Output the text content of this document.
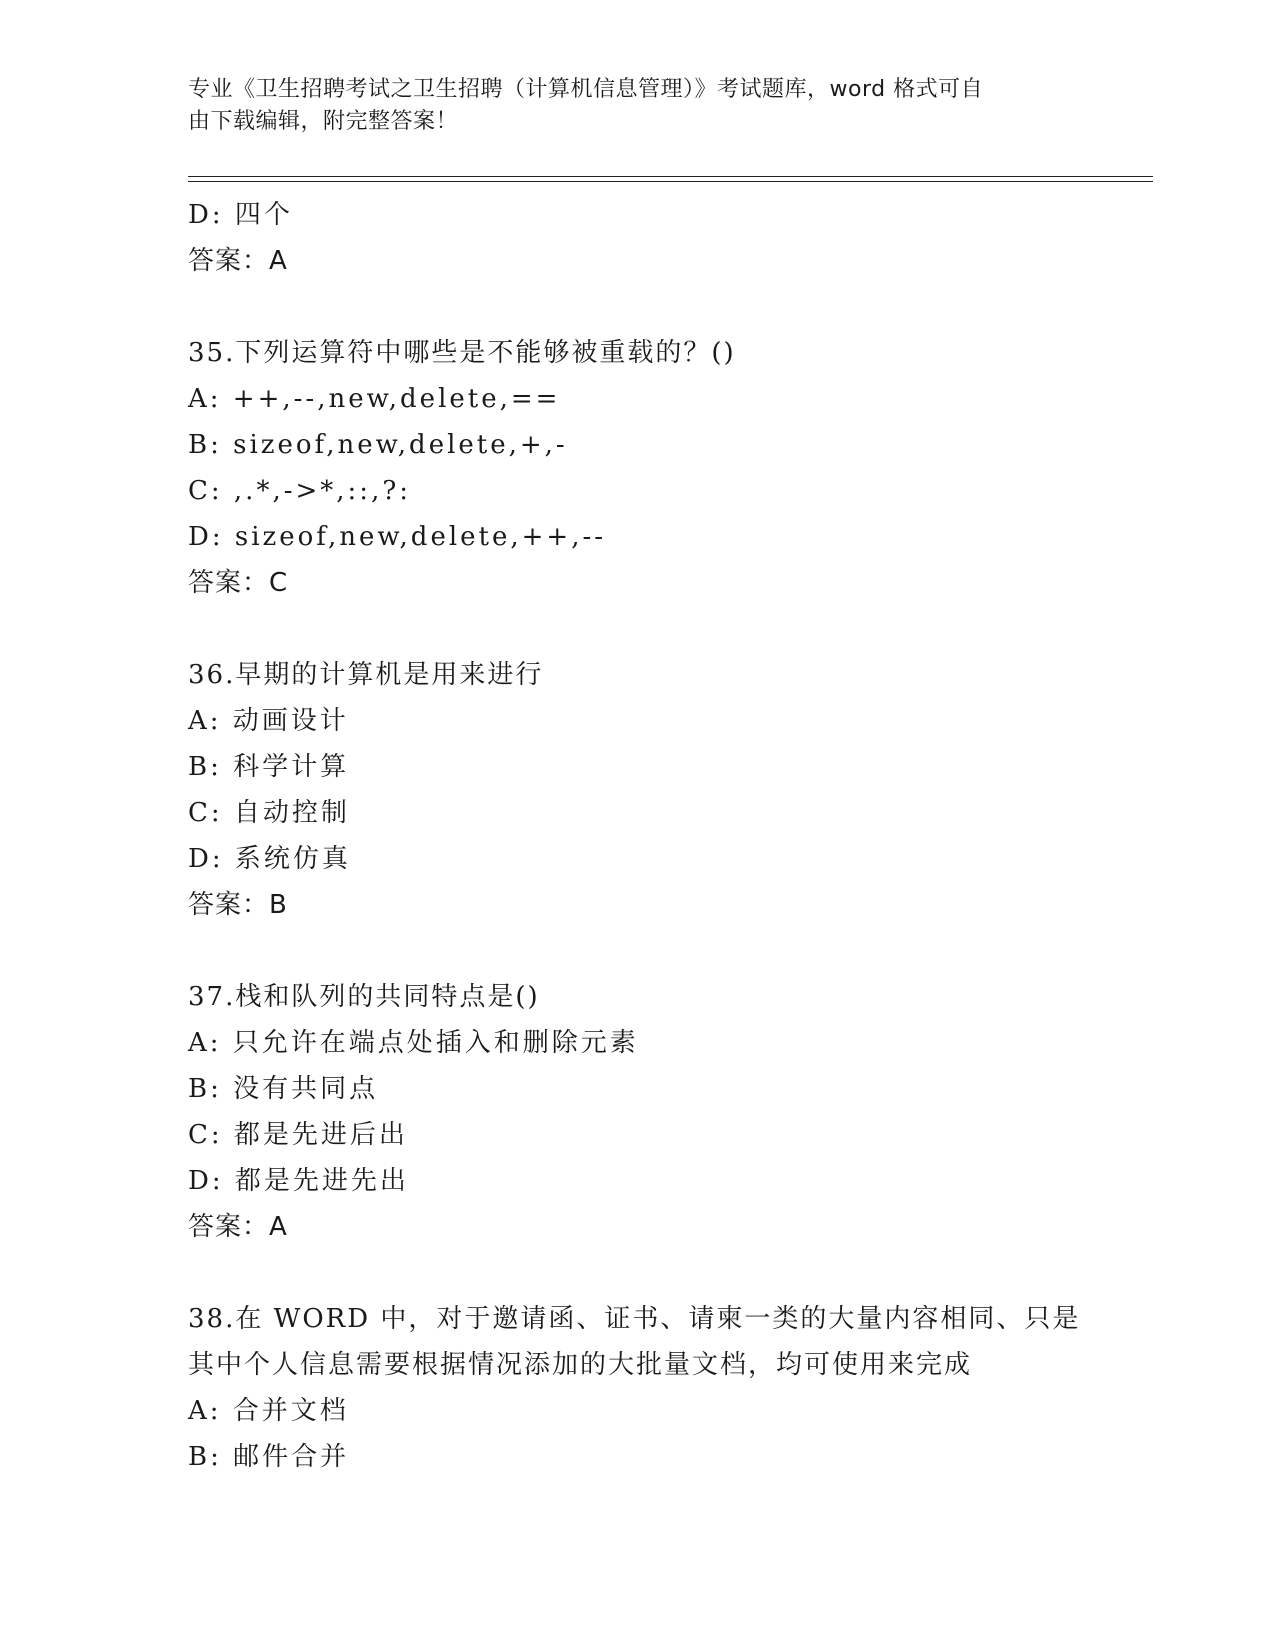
专业《卫生招聘考试之卫生招聘（计算机信息管理）》考试题库，word 格式可自
由下载编辑，附完整答案！
D: 四个
答案：A
35.下列运算符中哪些是不能够被重载的？()
A: ++,--,new,delete,==
B: sizeof,new,delete,+,-
C: ,.*,->*,::,?:
D: sizeof,new,delete,++,--
答案：C
36.早期的计算机是用来进行
A: 动画设计
B: 科学计算
C: 自动控制
D: 系统仿真
答案：B
37.栈和队列的共同特点是()
A: 只允许在端点处插入和删除元素
B: 没有共同点
C: 都是先进后出
D: 都是先进先出
答案：A
38.在 WORD 中，对于邀请函、证书、请柬一类的大量内容相同、只是
其中个人信息需要根据情况添加的大批量文档，均可使用来完成
A: 合并文档
B: 邮件合并
